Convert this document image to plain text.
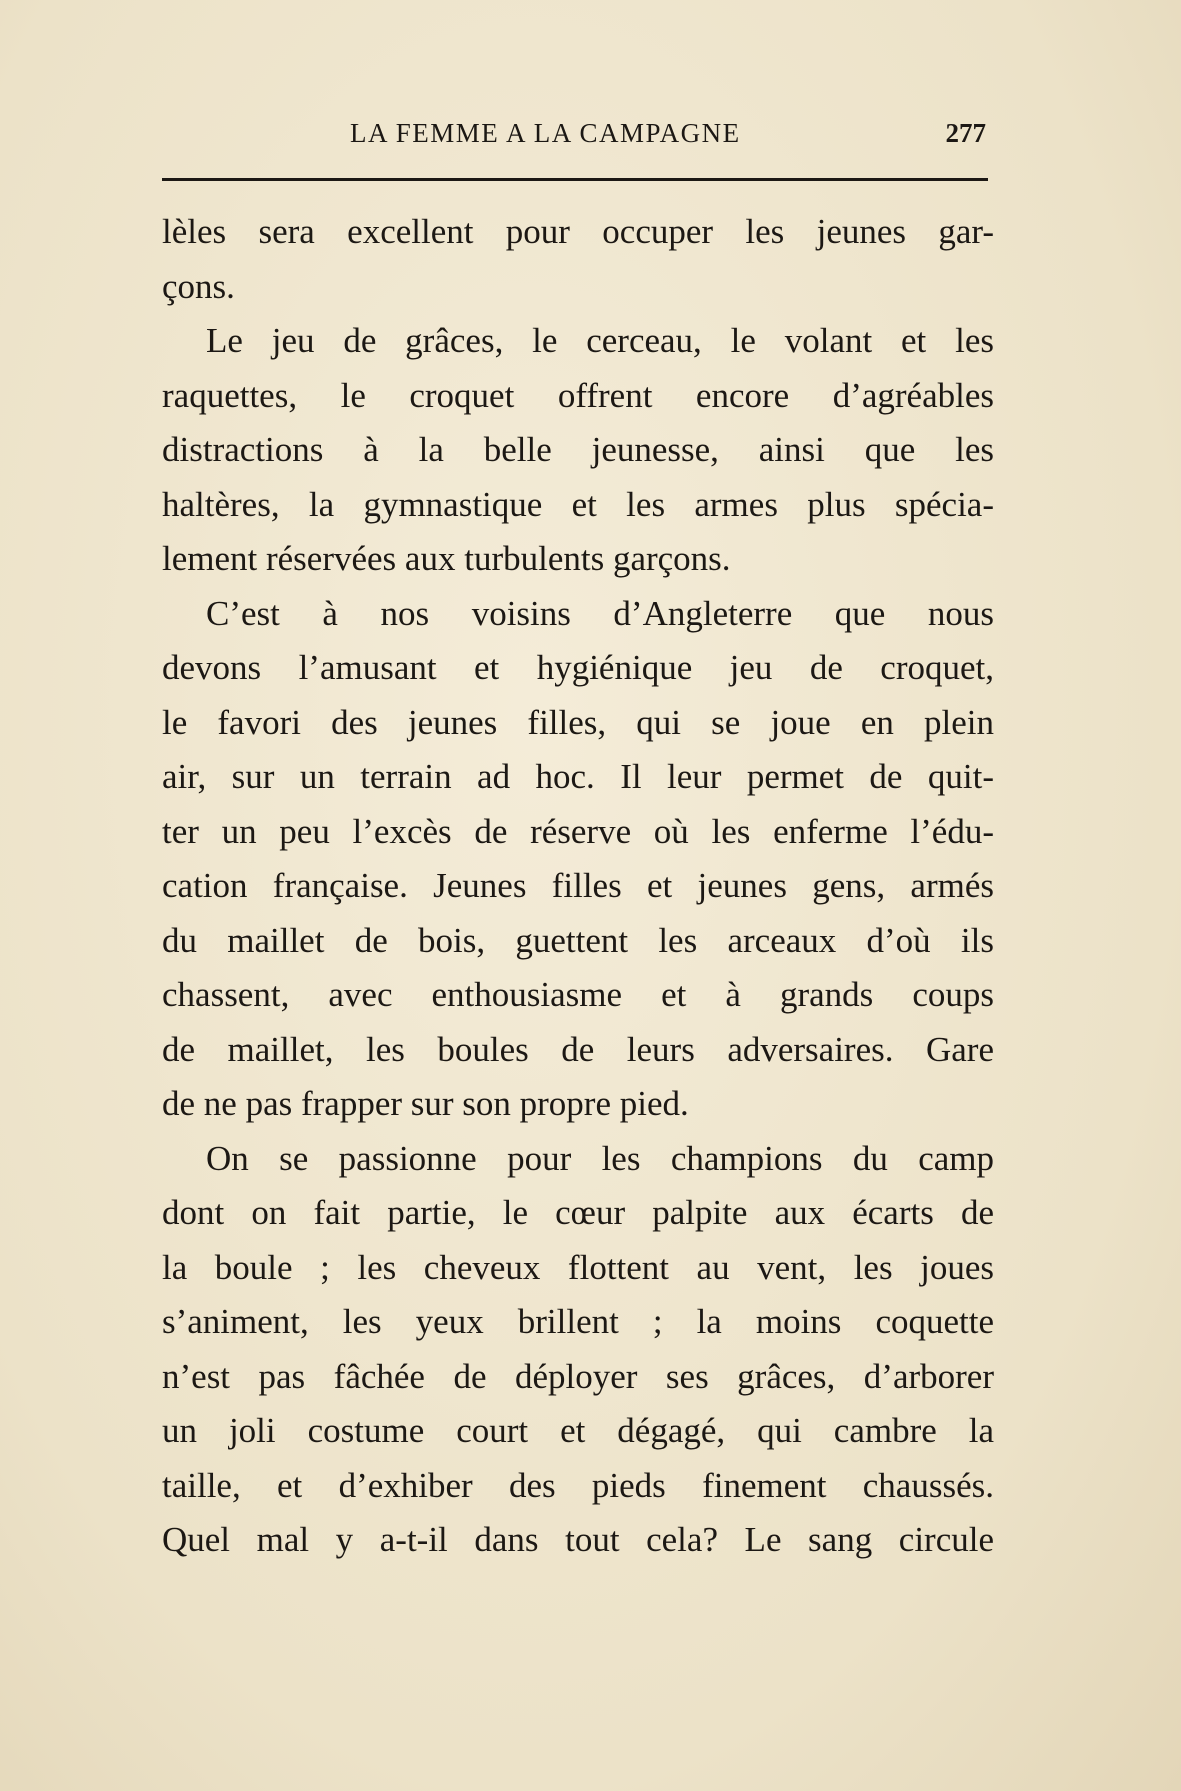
LA FEMME A LA CAMPAGNE	277
lèles sera excellent pour occuper les jeunes gar-
çons.
Le jeu de grâces, le cerceau, le volant et les
raquettes, le croquet offrent encore d’agréables
distractions à la belle jeunesse, ainsi que les
haltères, la gymnastique et les armes plus spécia-
lement réservées aux turbulents garçons.
C’est à nos voisins d’Angleterre que nous
devons l’amusant et hygiénique jeu de croquet,
le favori des jeunes filles, qui se joue en plein
air, sur un terrain ad hoc. Il leur permet de quit-
ter un peu l’excès de réserve où les enferme l’édu-
cation française. Jeunes filles et jeunes gens, armés
du maillet de bois, guettent les arceaux d’où ils
chassent, avec enthousiasme et à grands coups
de maillet, les boules de leurs adversaires. Gare
de ne pas frapper sur son propre pied.
On se passionne pour les champions du camp
dont on fait partie, le cœur palpite aux écarts de
la boule ; les cheveux flottent au vent, les joues
s’animent, les yeux brillent ; la moins coquette
n’est pas fâchée de déployer ses grâces, d’arborer
un joli costume court et dégagé, qui cambre la
taille, et d’exhiber des pieds finement chaussés.
Quel mal y a-t-il dans tout cela? Le sang circule
